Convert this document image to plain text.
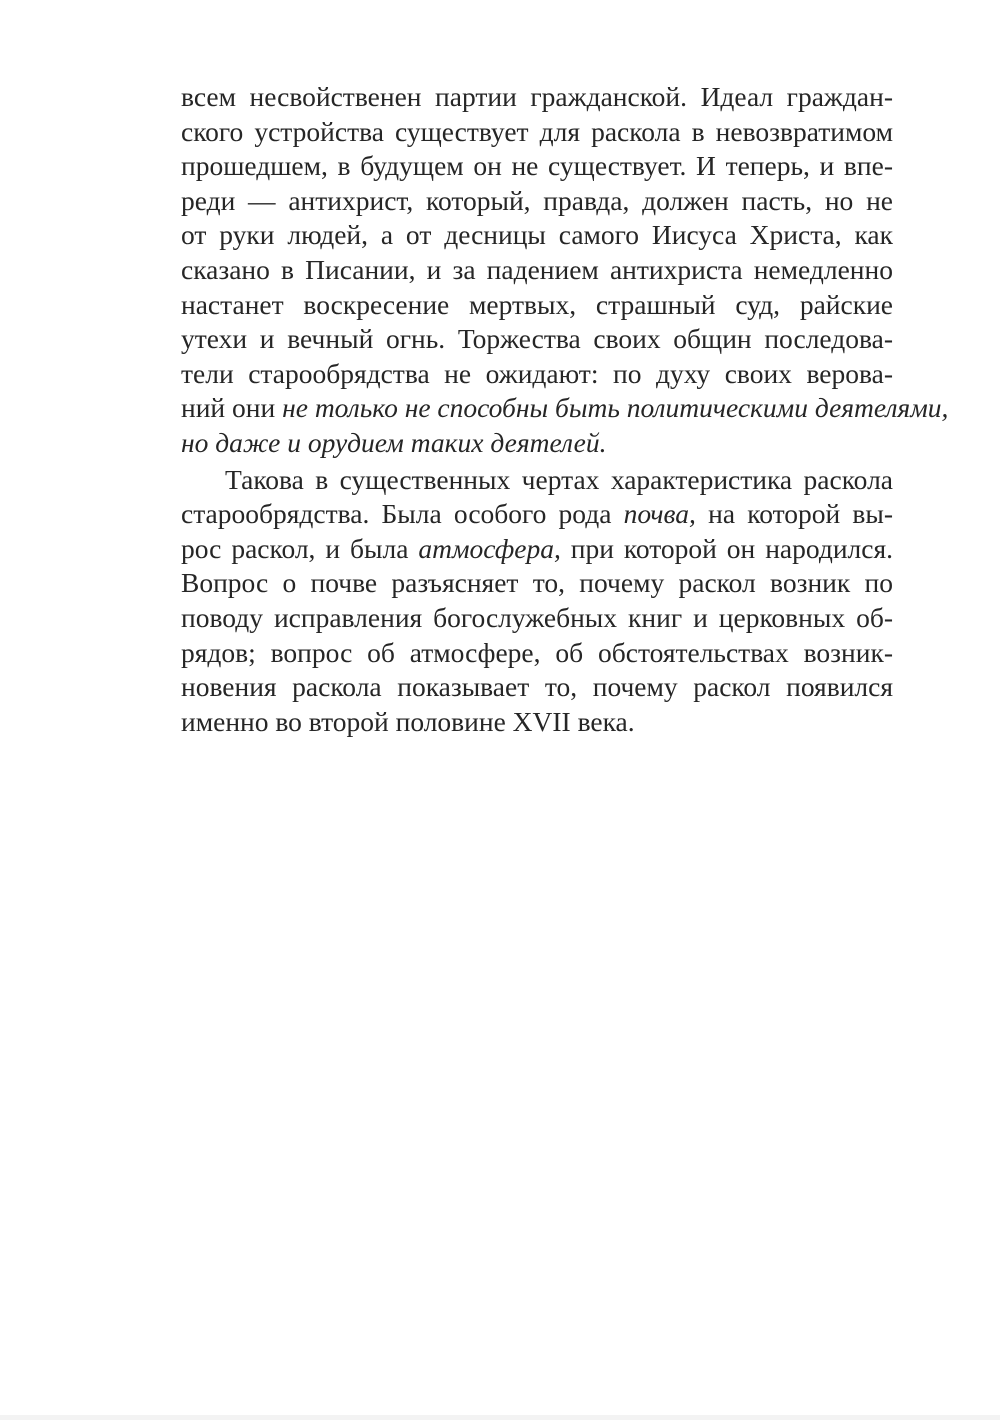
всем несвойственен партии гражданской. Идеал граждан-
ского устройства существует для раскола в невозвратимом
прошедшем, в будущем он не существует. И теперь, и впе-
реди — антихрист, который, правда, должен пасть, но не
от руки людей, а от десницы самого Иисуса Христа, как
сказано в Писании, и за падением антихриста немедленно
настанет воскресение мертвых, страшный суд, райские
утехи и вечный огнь. Торжества своих общин последова-
тели старообрядства не ожидают: по духу своих верова-
ний они не только не способны быть политическими деятелями,
но даже и орудием таких деятелей.
Такова в существенных чертах характеристика раскола
старообрядства. Была особого рода почва, на которой вы-
рос раскол, и была атмосфера, при которой он народился.
Вопрос о почве разъясняет то, почему раскол возник по
поводу исправления богослужебных книг и церковных об-
рядов; вопрос об атмосфере, об обстоятельствах возник-
новения раскола показывает то, почему раскол появился
именно во второй половине XVII века.
